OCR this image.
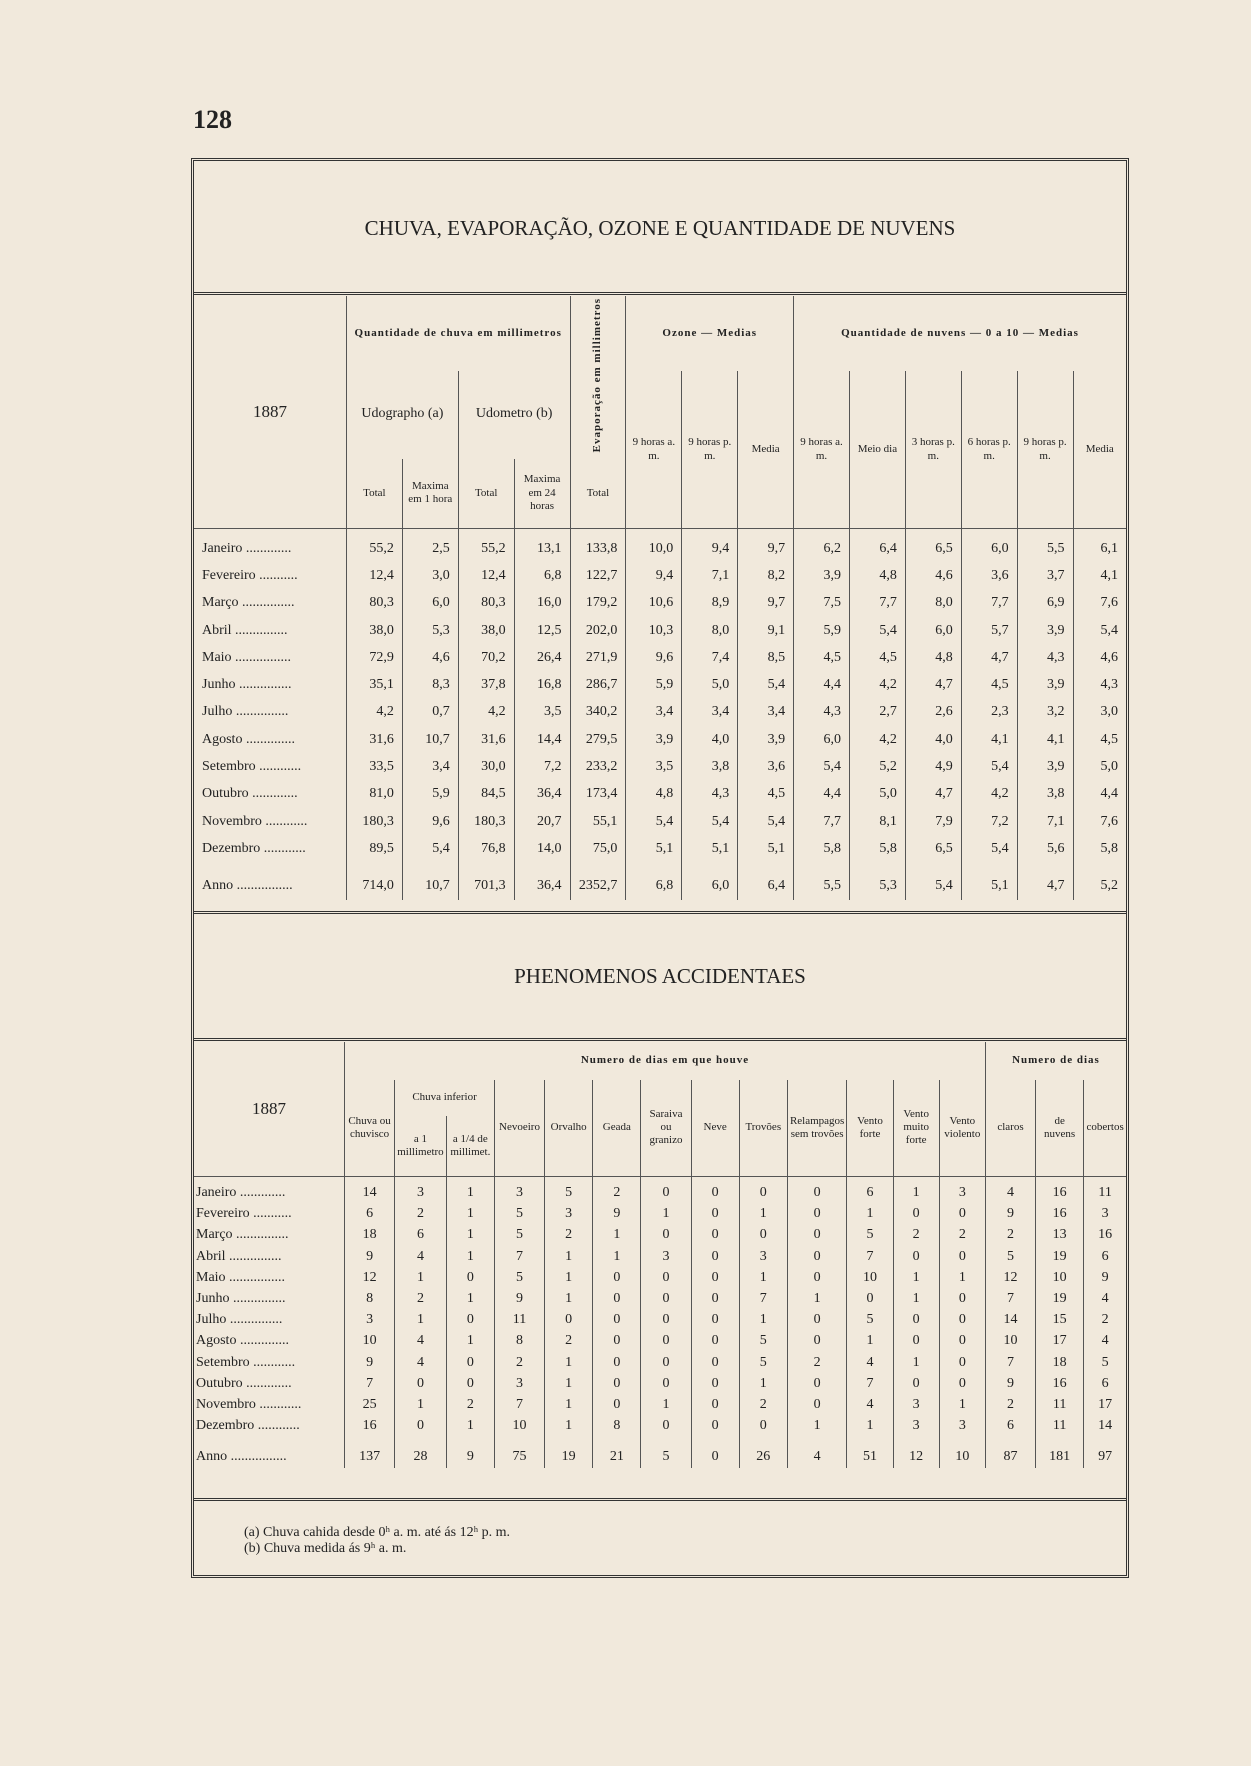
128
CHUVA, EVAPORAÇÃO, OZONE E QUANTIDADE DE NUVENS
1887	Quantidade de chuva em millimetros				Evaporação em millimetros	Ozone — Medias			Quantidade de nuvens — 0 a 10 — Medias					
	Udographo (a)		Udometro (b)			9 horas a. m.	9 horas p. m.	Media	9 horas a. m.	Meio dia	3 horas p. m.	6 horas p. m.	9 horas p. m.	Media
	Total	Maxima em 1 hora	Total	Maxima em 24 horas	Total									
Janeiro .............	55,2	2,5	55,2	13,1	133,8	10,0	9,4	9,7	6,2	6,4	6,5	6,0	5,5	6,1
Fevereiro ...........	12,4	3,0	12,4	6,8	122,7	9,4	7,1	8,2	3,9	4,8	4,6	3,6	3,7	4,1
Março ...............	80,3	6,0	80,3	16,0	179,2	10,6	8,9	9,7	7,5	7,7	8,0	7,7	6,9	7,6
Abril ...............	38,0	5,3	38,0	12,5	202,0	10,3	8,0	9,1	5,9	5,4	6,0	5,7	3,9	5,4
Maio ................	72,9	4,6	70,2	26,4	271,9	9,6	7,4	8,5	4,5	4,5	4,8	4,7	4,3	4,6
Junho ...............	35,1	8,3	37,8	16,8	286,7	5,9	5,0	5,4	4,4	4,2	4,7	4,5	3,9	4,3
Julho ...............	4,2	0,7	4,2	3,5	340,2	3,4	3,4	3,4	4,3	2,7	2,6	2,3	3,2	3,0
Agosto ..............	31,6	10,7	31,6	14,4	279,5	3,9	4,0	3,9	6,0	4,2	4,0	4,1	4,1	4,5
Setembro ............	33,5	3,4	30,0	7,2	233,2	3,5	3,8	3,6	5,4	5,2	4,9	5,4	3,9	5,0
Outubro .............	81,0	5,9	84,5	36,4	173,4	4,8	4,3	4,5	4,4	5,0	4,7	4,2	3,8	4,4
Novembro ............	180,3	9,6	180,3	20,7	55,1	5,4	5,4	5,4	7,7	8,1	7,9	7,2	7,1	7,6
Dezembro ............	89,5	5,4	76,8	14,0	75,0	5,1	5,1	5,1	5,8	5,8	6,5	5,4	5,6	5,8

Anno ................	714,0	10,7	701,3	36,4	2352,7	6,8	6,0	6,4	5,5	5,3	5,4	5,1	4,7	5,2
PHENOMENOS ACCIDENTAES
1887	Numero de dias em que houve													Numero de dias		
	Chuva ou chuvisco	Chuva inferior		Nevoeiro	Orvalho	Geada	Saraiva ou granizo	Neve	Trovões	Relampagos sem trovões	Vento forte	Vento muito forte	Vento violento	claros	de nuvens	cobertos
		a 1 millimetro	a 1/4 de millimet.													
Janeiro .............	14	3	1	3	5	2	0	0	0	0	6	1	3	4	16	11
Fevereiro ...........	6	2	1	5	3	9	1	0	1	0	1	0	0	9	16	3
Março ...............	18	6	1	5	2	1	0	0	0	0	5	2	2	2	13	16
Abril ...............	9	4	1	7	1	1	3	0	3	0	7	0	0	5	19	6
Maio ................	12	1	0	5	1	0	0	0	1	0	10	1	1	12	10	9
Junho ...............	8	2	1	9	1	0	0	0	7	1	0	1	0	7	19	4
Julho ...............	3	1	0	11	0	0	0	0	1	0	5	0	0	14	15	2
Agosto ..............	10	4	1	8	2	0	0	0	5	0	1	0	0	10	17	4
Setembro ............	9	4	0	2	1	0	0	0	5	2	4	1	0	7	18	5
Outubro .............	7	0	0	3	1	0	0	0	1	0	7	0	0	9	16	6
Novembro ............	25	1	2	7	1	0	1	0	2	0	4	3	1	2	11	17
Dezembro ............	16	0	1	10	1	8	0	0	0	1	1	3	3	6	11	14

Anno ................	137	28	9	75	19	21	5	0	26	4	51	12	10	87	181	97
(a) Chuva cahida desde 0ʰ a. m. até ás 12ʰ p. m.
(b) Chuva medida ás 9ʰ a. m.
